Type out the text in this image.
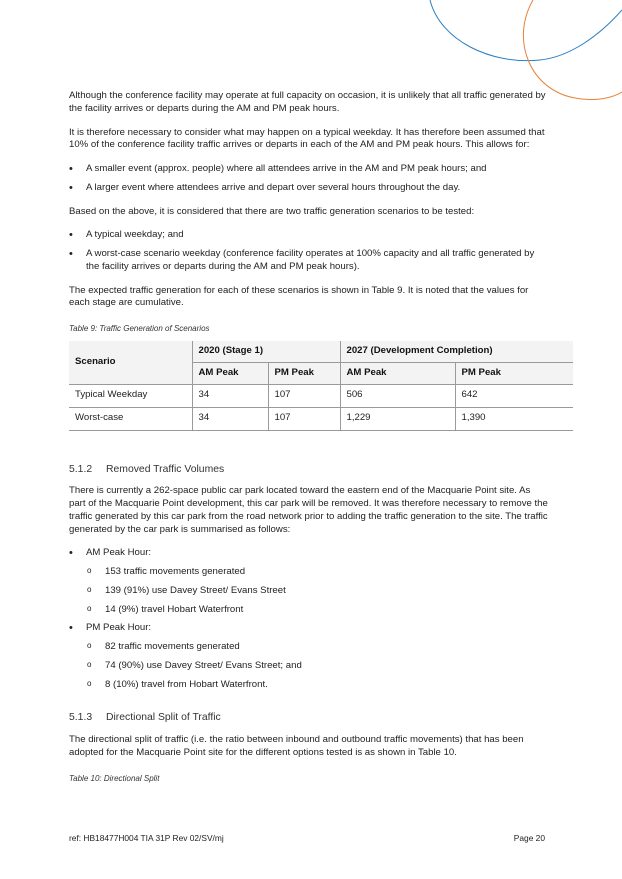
Although the conference facility may operate at full capacity on occasion, it is unlikely that all traffic generated by the facility arrives or departs during the AM and PM peak hours.

It is therefore necessary to consider what may happen on a typical weekday. It has therefore been assumed that 10% of the conference facility traffic arrives or departs in each of the AM and PM peak hours. This allows for:

• A smaller event (approx. people) where all attendees arrive in the AM and PM peak hours; and
• A larger event where attendees arrive and depart over several hours throughout the day.

Based on the above, it is considered that there are two traffic generation scenarios to be tested:

• A typical weekday; and
• A worst-case scenario weekday (conference facility operates at 100% capacity and all traffic generated by the facility arrives or departs during the AM and PM peak hours).

The expected traffic generation for each of these scenarios is shown in Table 9. It is noted that the values for each stage are cumulative.

Table 9: Traffic Generation of Scenarios
Scenario	2020 (Stage 1)		2027 (Development Completion)	
	AM Peak	PM Peak	AM Peak	PM Peak
Typical Weekday	34	107	506	642
Worst-case	34	107	1,229	1,390
5.1.2 Removed Traffic Volumes

There is currently a 262-space public car park located toward the eastern end of the Macquarie Point site. As part of the Macquarie Point development, this car park will be removed. It was therefore necessary to remove the traffic generated by this car park from the road network prior to adding the traffic generation to the site. The traffic generated by the car park is summarised as follows:

• AM Peak Hour:
o 153 traffic movements generated
o 139 (91%) use Davey Street/ Evans Street
o 14 (9%) travel Hobart Waterfront
• PM Peak Hour:
o 82 traffic movements generated
o 74 (90%) use Davey Street/ Evans Street; and
o 8 (10%) travel from Hobart Waterfront.
5.1.3 Directional Split of Traffic

The directional split of traffic (i.e. the ratio between inbound and outbound traffic movements) that has been adopted for the Macquarie Point site for the different options tested is as shown in Table 10.

Table 10: Directional Split
ref: HB18477H004 TIA 31P Rev 02/SV/mj	Page 20
